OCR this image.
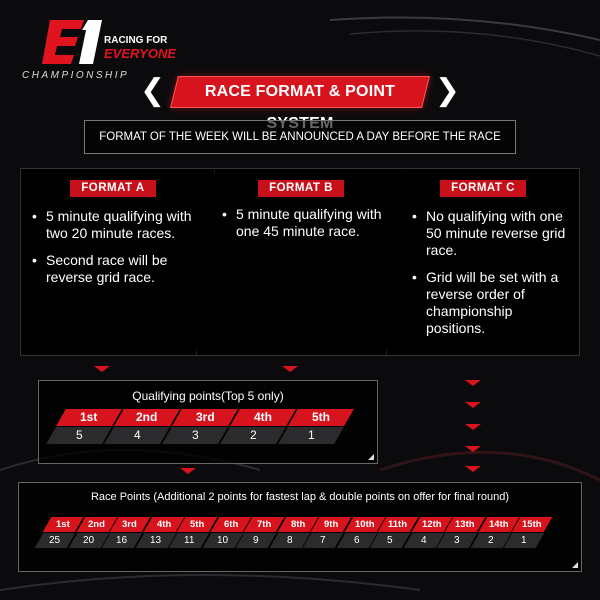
RACING FOR
EVERYONE
CHAMPIONSHIP ❮	RACE FORMAT & POINT	❯
FORMAT OF THE WEEK WILL BE ANNOUNCED A DAY BEFORE THE RACE
FORMAT A
• 5 minute qualifying with two 20 minute races.
• Second race will be reverse grid race.
FORMAT B
• 5 minute qualifying with one 45 minute race.
FORMAT C
• No qualifying with one 50 minute reverse grid race.
• Grid will be set with a reverse order of championship positions.
Qualifying points(Top 5 only)
1st	2nd	3rd	4th	5th
5	4	3	2	1
Race Points (Additional 2 points for fastest lap & double points on offer for final round)
1st	2nd	3rd	4th	5th	6th	7th	8th	9th	10th	11th	12th	13th	14th	15th
25	20	16	13	11	10	9	8	7	6	5	4	3	2	1
